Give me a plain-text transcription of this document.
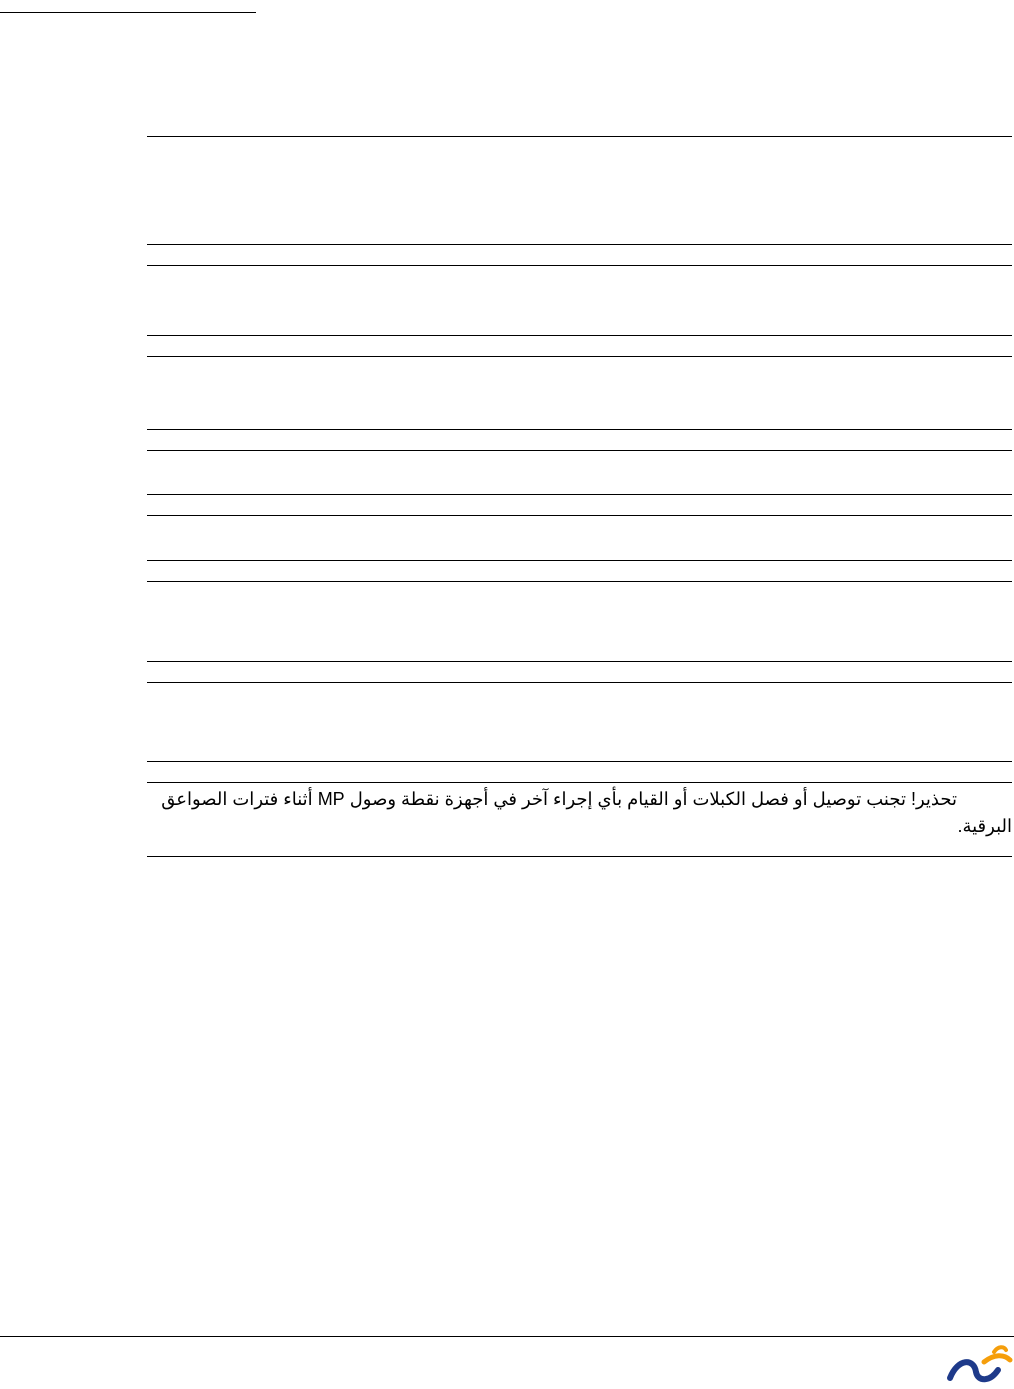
تحذير! تجنب توصيل أو فصل الكبلات أو القيام بأي إجراء آخر في أجهزة نقطة وصول MP أثناء فترات الصواعق البرقية.
